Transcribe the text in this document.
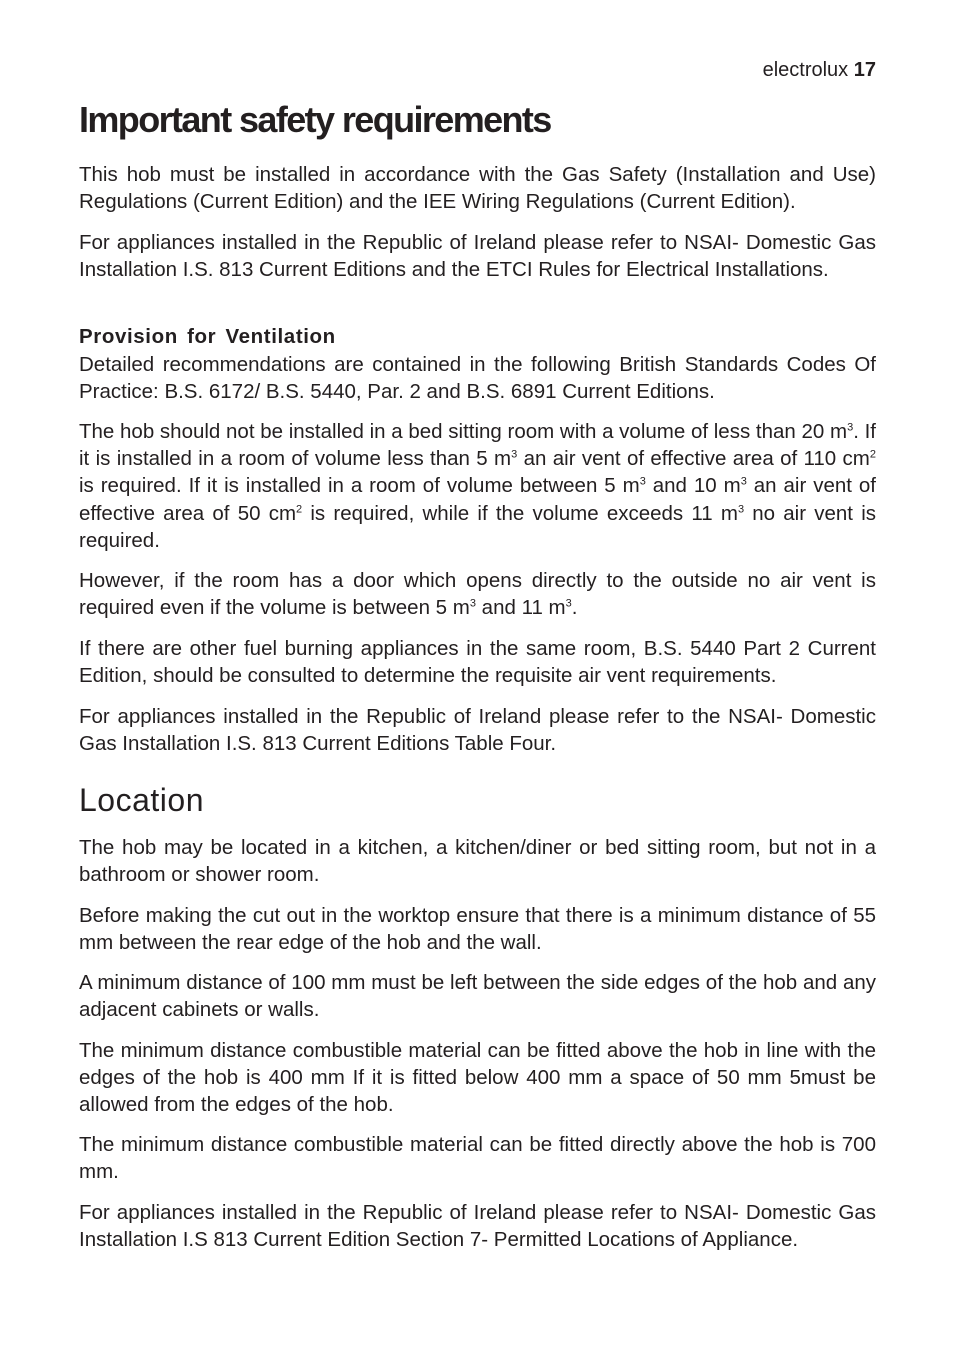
electrolux 17
Important safety requirements

This hob must be installed in accordance with the Gas Safety (Installation and Use) Regulations (Current Edition) and the IEE Wiring Regulations (Current Edition).

For appliances installed in the Republic of Ireland please refer to NSAI- Domestic Gas Installation I.S. 813 Current Editions and the ETCI Rules for Electrical Installations.

Provision for Ventilation

Detailed recommendations are contained in the following British Standards Codes Of Practice: B.S. 6172/ B.S. 5440, Par. 2 and B.S. 6891 Current Editions.

The hob should not be installed in a bed sitting room with a volume of less than 20 $m^3$. If it is installed in a room of volume less than 5 $m^3$ an air vent of effective area of 110 $cm^2$ is required. If it is installed in a room of volume between 5 $m^3$ and 10 $m^3$ an air vent of effective area of 50 $cm^2$ is required, while if the volume exceeds 11 $m^3$ no air vent is required.

However, if the room has a door which opens directly to the outside no air vent is required even if the volume is between 5 $m^3$ and 11 $m^3$.

If there are other fuel burning appliances in the same room, B.S. 5440 Part 2 Current Edition, should be consulted to determine the requisite air vent requirements.

For appliances installed in the Republic of Ireland please refer to the NSAI- Domestic Gas Installation I.S. 813 Current Editions Table Four.

Location

The hob may be located in a kitchen, a kitchen/diner or bed sitting room, but not in a bathroom or shower room.

Before making the cut out in the worktop ensure that there is a minimum distance of 55 mm between the rear edge of the hob and the wall.

A minimum distance of 100 mm must be left between the side edges of the hob and any adjacent cabinets or walls.

The minimum distance combustible material can be fitted above the hob in line with the edges of the hob is 400 mm If it is fitted below 400 mm a space of 50 mm 5must be allowed from the edges of the hob.

The minimum distance combustible material can be fitted directly above the hob is 700 mm.

For appliances installed in the Republic of Ireland please refer to NSAI- Domestic Gas Installation I.S 813 Current Edition Section 7- Permitted Locations of Appliance.
